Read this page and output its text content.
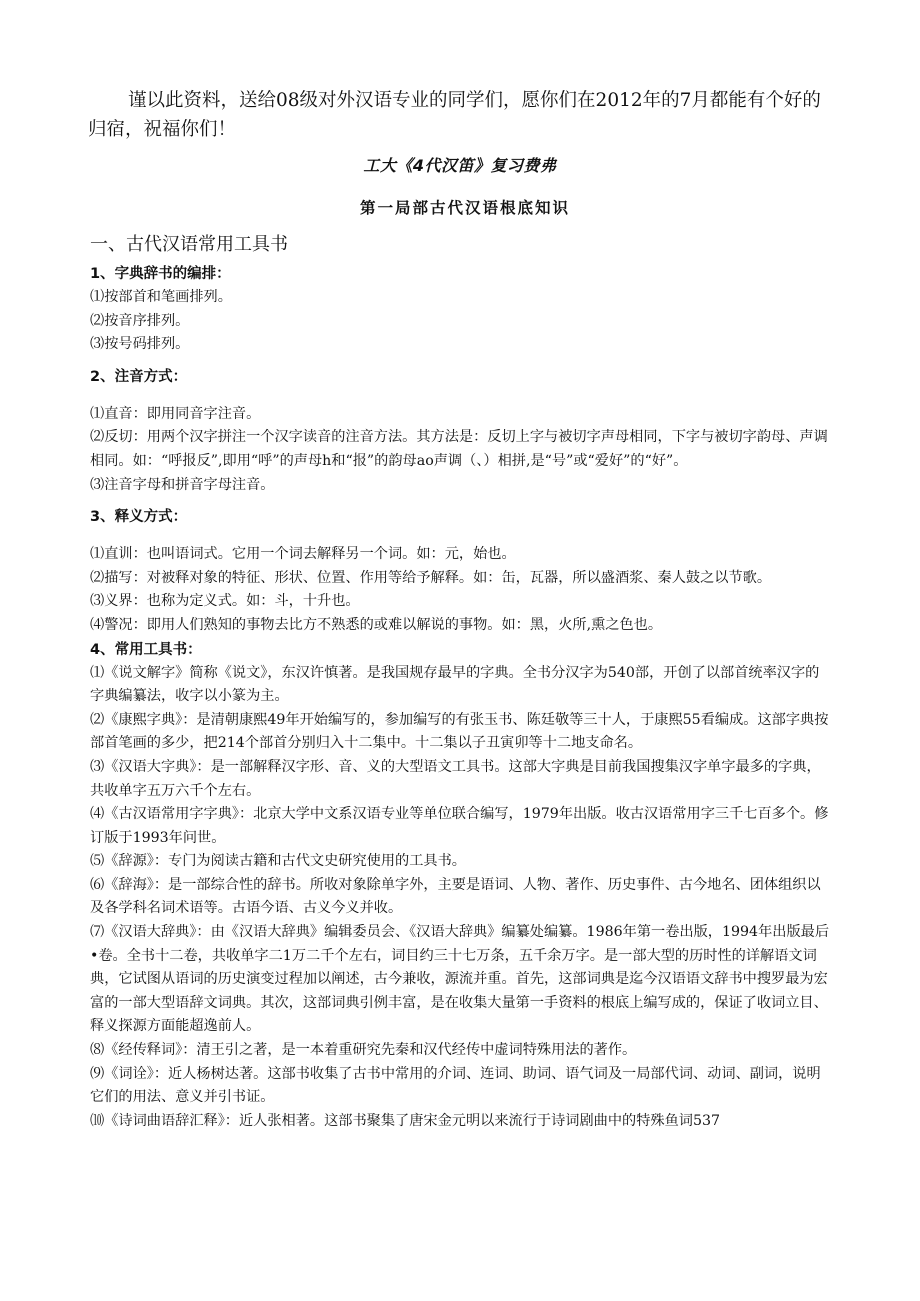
谨以此资料，送给08级对外汉语专业的同学们，愿你们在2012年的7月都能有个好的归宿，祝福你们！
工大《4代汉笛》复习费弗
第一局部古代汉语根底知识
一、古代汉语常用工具书
1、字典辞书的编排：
⑴按部首和笔画排列。
⑵按音序排列。
⑶按号码排列。
2、注音方式：
⑴直音：即用同音字注音。
⑵反切：用两个汉字拼注一个汉字读音的注音方法。其方法是：反切上字与被切字声母相同，下字与被切字韵母、声调相同。如：“呼报反”,即用“呼”的声母h和“报”的韵母ao声调（、）相拼,是“号”或“爱好”的“好”。
⑶注音字母和拼音字母注音。
3、释义方式：
⑴直训：也叫语词式。它用一个词去解释另一个词。如：元，始也。
⑵描写：对被释对象的特征、形状、位置、作用等给予解释。如：缶，瓦器，所以盛酒浆、秦人鼓之以节歌。
⑶义界：也称为定义式。如：斗，十升也。
⑷警况：即用人们熟知的事物去比方不熟悉的或难以解说的事物。如：黑，火所,熏之色也。
4、常用工具书：
⑴《说文解字》简称《说文》，东汉许慎著。是我国规存最早的字典。全书分汉字为540部，开创了以部首统率汉字的字典编纂法，收字以小篆为主。
⑵《康熙字典》：是清朝康熙49年开始编写的，参加编写的有张玉书、陈廷敬等三十人，于康熙55看编成。这部字典按部首笔画的多少，把214个部首分别归入十二集中。十二集以子丑寅卯等十二地支命名。
⑶《汉语大字典》：是一部解释汉字形、音、义的大型语文工具书。这部大字典是目前我国搜集汉字单字最多的字典，共收单字五万六千个左右。
⑷《古汉语常用字字典》：北京大学中文系汉语专业等单位联合编写，1979年出版。收古汉语常用字三千七百多个。修订版于1993年问世。
⑸《辞源》：专门为阅读古籍和古代文史研究使用的工具书。
⑹《辞海》：是一部综合性的辞书。所收对象除单字外，主要是语词、人物、著作、历史事件、古今地名、团体组织以及各学科名词术语等。古语今语、古义今义并收。
⑺《汉语大辞典》：由《汉语大辞典》编辑委员会、《汉语大辞典》编纂处编纂。1986年第一卷出版，1994年出版最后•卷。全书十二卷，共收单字二1万二千个左右，词目约三十七万条，五千余万字。是一部大型的历时性的详解语文词典，它试图从语词的历史演变过程加以阐述，古今兼收，源流并重。首先，这部词典是迄今汉语语文辞书中搜罗最为宏富的一部大型语辞文词典。其次，这部词典引例丰富，是在收集大量第一手资料的根底上编写成的，保证了收词立目、释义探源方面能超逸前人。
⑻《经传释词》：清王引之著，是一本着重研究先秦和汉代经传中虚词特殊用法的著作。
⑼《词诠》：近人杨树达著。这部书收集了古书中常用的介词、连词、助词、语气词及一局部代词、动词、副词，说明它们的用法、意义并引书证。
⑽《诗词曲语辞汇释》：近人张相著。这部书聚集了唐宋金元明以来流行于诗词剧曲中的特殊鱼词537
